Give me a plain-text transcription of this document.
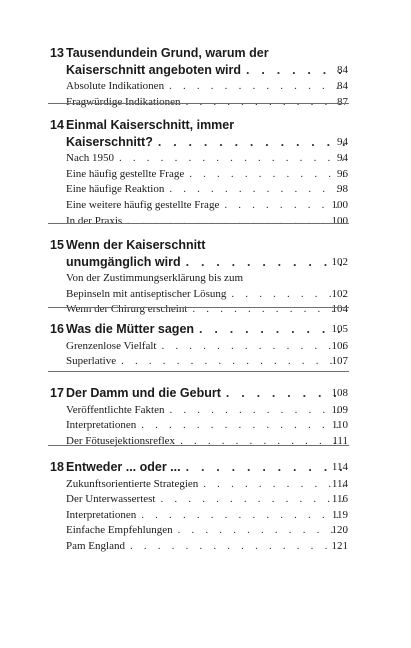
13 Tausendundein Grund, warum der
Kaiserschnitt angeboten wird . . .	84
Absolute Indikationen . . .	84
Fragwürdige Indikationen . . .	87
14 Einmal Kaiserschnitt, immer
Kaiserschnitt? . . .	94
Nach 1950 . . .	94
Eine häufig gestellte Frage . . .	96
Eine häufige Reaktion . . .	98
Eine weitere häufig gestellte Frage . . .	100
In der Praxis . . .	100
15 Wenn der Kaiserschnitt
unumgänglich wird . . .	102
Von der Zustimmungserklärung bis zum
Bepinseln mit antiseptischer Lösung . . .	102
Wenn der Chirurg erscheint . . .	104
16 Was die Mütter sagen . . .	105
Grenzenlose Vielfalt . . .	106
Superlative . . .	107
17 Der Damm und die Geburt . . .	108
Veröffentlichte Fakten . . .	109
Interpretationen . . .	110
Der Fötusejektionsreflex . . .	111
18 Entweder ... oder ... . . .	114
Zukunftsorientierte Strategien . . .	114
Der Unterwassertest . . .	116
Interpretationen . . .	119
Einfache Empfehlungen . . .	120
Pam England . . .	121
